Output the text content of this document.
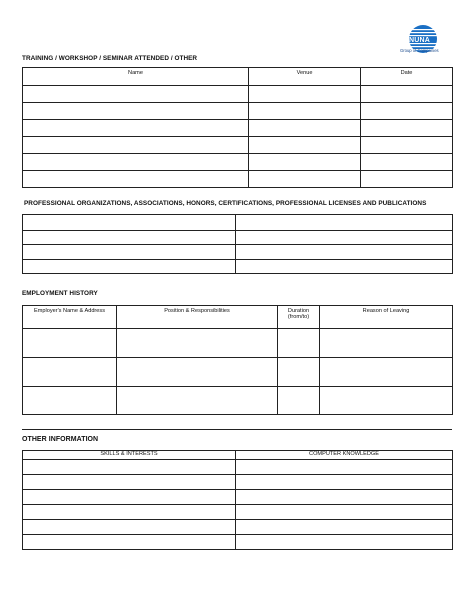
NUNA
Group of Companies
TRAINING / WORKSHOP / SEMINAR ATTENDED / OTHER
Name	Venue	Date

PROFESSIONAL ORGANIZATIONS, ASSOCIATIONS, HONORS, CERTIFICATIONS, PROFESSIONAL LICENSES AND PUBLICATIONS

EMPLOYMENT HISTORY
Employer's Name & Address	Position & Responsibilities	Duration (from/to)	Reason of Leaving

OTHER INFORMATION
SKILLS & INTERESTS	COMPUTER KNOWLEDGE
